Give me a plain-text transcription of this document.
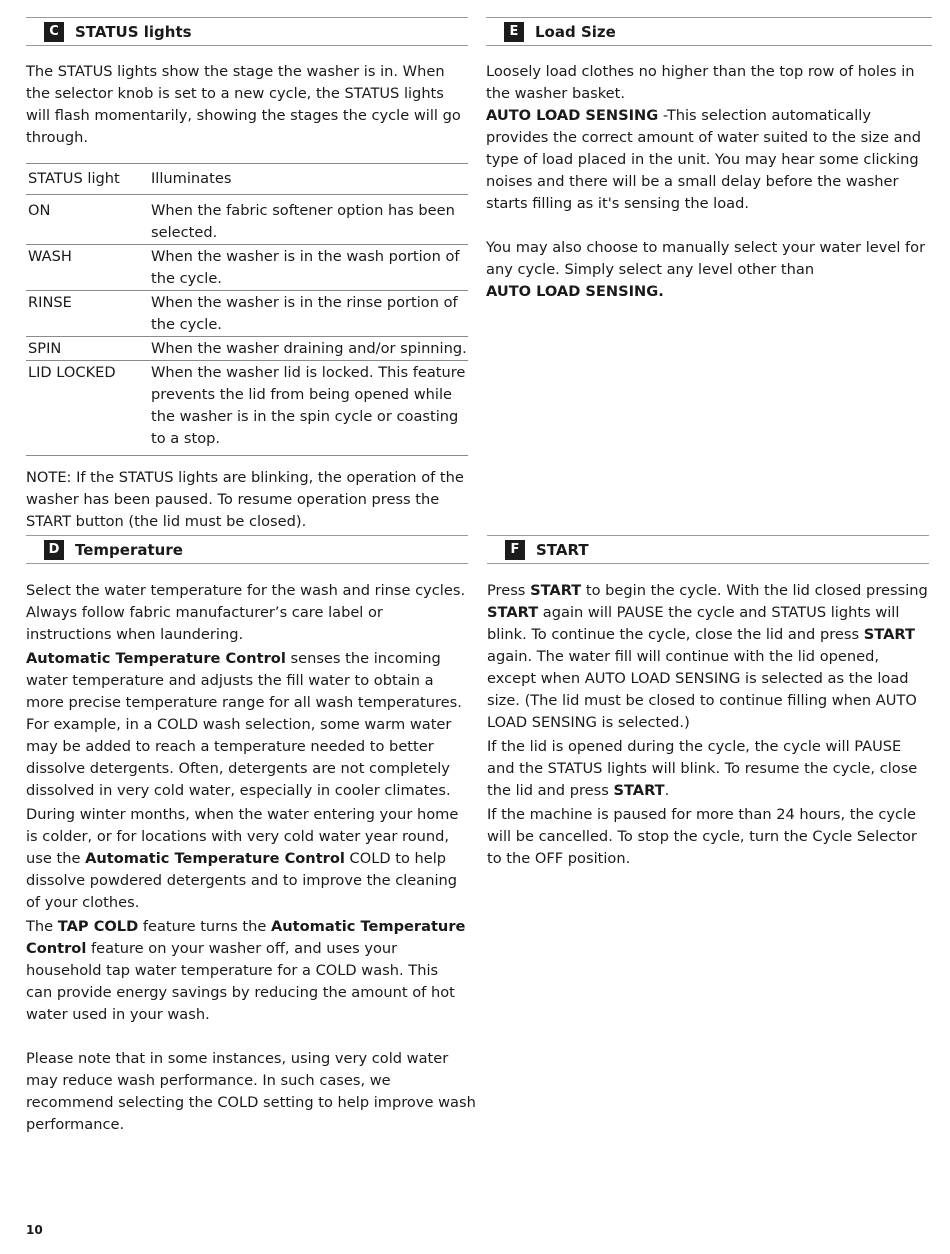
C	STATUS lights

The STATUS lights show the stage the washer is in. When the selector knob is set to a new cycle, the STATUS lights will flash momentarily, showing the stages the cycle will go through.

STATUS light	Illuminates
ON	When the fabric softener option has been selected.
WASH	When the washer is in the wash portion of the cycle.
RINSE	When the washer is in the rinse portion of the cycle.
SPIN	When the washer draining and/or spinning.
LID LOCKED	When the washer lid is locked. This feature prevents the lid from being opened while the washer is in the spin cycle or coasting to a stop.

NOTE: If the STATUS lights are blinking, the operation of the washer has been paused. To resume operation press the START button (the lid must be closed).

E	Load Size

Loosely load clothes no higher than the top row of holes in the washer basket.

AUTO LOAD SENSING -This selection automatically provides the correct amount of water suited to the size and type of load placed in the unit. You may hear some clicking noises and there will be a small delay before the washer starts filling as it's sensing the load.

You may also choose to manually select your water level for any cycle. Simply select any level other than
AUTO LOAD SENSING.

D	Temperature

Select the water temperature for the wash and rinse cycles. Always follow fabric manufacturer’s care label or instructions when laundering.

Automatic Temperature Control senses the incoming water temperature and adjusts the fill water to obtain a more precise temperature range for all wash temperatures. For example, in a COLD wash selection, some warm water may be added to reach a temperature needed to better dissolve detergents. Often, detergents are not completely dissolved in very cold water, especially in cooler climates.

During winter months, when the water entering your home is colder, or for locations with very cold water year round, use the Automatic Temperature Control COLD to help dissolve powdered detergents and to improve the cleaning of your clothes.

The TAP COLD feature turns the Automatic Temperature Control feature on your washer off, and uses your household tap water temperature for a COLD wash. This can provide energy savings by reducing the amount of hot water used in your wash.

Please note that in some instances, using very cold water may reduce wash performance. In such cases, we recommend selecting the COLD setting to help improve wash performance.

F	START

Press START to begin the cycle. With the lid closed pressing START again will PAUSE the cycle and STATUS lights will blink. To continue the cycle, close the lid and press START again. The water fill will continue with the lid opened, except when AUTO LOAD SENSING is selected as the load size. (The lid must be closed to continue filling when AUTO LOAD SENSING is selected.)

If the lid is opened during the cycle, the cycle will PAUSE and the STATUS lights will blink. To resume the cycle, close the lid and press START.

If the machine is paused for more than 24 hours, the cycle will be cancelled. To stop the cycle, turn the Cycle Selector to the OFF position.

10
